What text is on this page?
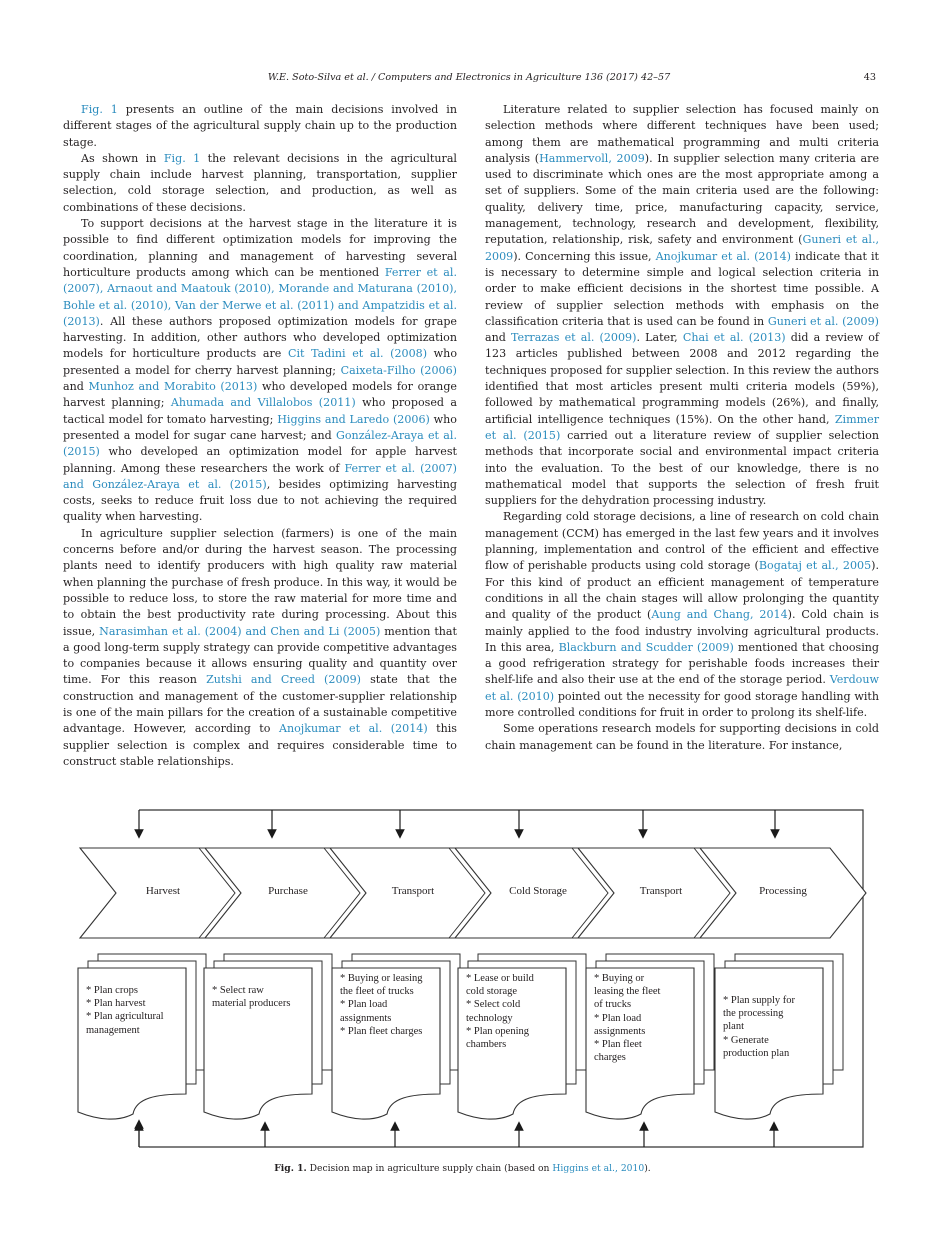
W.E. Soto-Silva et al. / Computers and Electronics in Agriculture 136 (2017) 42–57	43

Fig. 1 presents an outline of the main decisions involved in different stages of the agricultural supply chain up to the production stage.

As shown in Fig. 1 the relevant decisions in the agricultural supply chain include harvest planning, transportation, supplier selection, cold storage selection, and production, as well as combinations of these decisions.

To support decisions at the harvest stage in the literature it is possible to find different optimization models for improving the coordination, planning and management of harvesting several horticulture products among which can be mentioned Ferrer et al. (2007), Arnaout and Maatouk (2010), Morande and Maturana (2010), Bohle et al. (2010), Van der Merwe et al. (2011) and Ampatzidis et al. (2013). All these authors proposed optimization models for grape harvesting. In addition, other authors who developed optimization models for horticulture products are Cit Tadini et al. (2008) who presented a model for cherry harvest planning; Caixeta-Filho (2006) and Munhoz and Morabito (2013) who developed models for orange harvest planning; Ahumada and Villalobos (2011) who proposed a tactical model for tomato harvesting; Higgins and Laredo (2006) who presented a model for sugar cane harvest; and González-Araya et al. (2015) who developed an optimization model for apple harvest planning. Among these researchers the work of Ferrer et al. (2007) and González-Araya et al. (2015), besides optimizing harvesting costs, seeks to reduce fruit loss due to not achieving the required quality when harvesting.

In agriculture supplier selection (farmers) is one of the main concerns before and/or during the harvest season. The processing plants need to identify producers with high quality raw material when planning the purchase of fresh produce. In this way, it would be possible to reduce loss, to store the raw material for more time and to obtain the best productivity rate during processing. About this issue, Narasimhan et al. (2004) and Chen and Li (2005) mention that a good long-term supply strategy can provide competitive advantages to companies because it allows ensuring quality and quantity over time. For this reason Zutshi and Creed (2009) state that the construction and management of the customer-supplier relationship is one of the main pillars for the creation of a sustainable competitive advantage. However, according to Anojkumar et al. (2014) this supplier selection is complex and requires considerable time to construct stable relationships.

Literature related to supplier selection has focused mainly on selection methods where different techniques have been used; among them are mathematical programming and multi criteria analysis (Hammervoll, 2009). In supplier selection many criteria are used to discriminate which ones are the most appropriate among a set of suppliers. Some of the main criteria used are the following: quality, delivery time, price, manufacturing capacity, service, management, technology, research and development, flexibility, reputation, relationship, risk, safety and environment (Guneri et al., 2009). Concerning this issue, Anojkumar et al. (2014) indicate that it is necessary to determine simple and logical selection criteria in order to make efficient decisions in the shortest time possible. A review of supplier selection methods with emphasis on the classification criteria that is used can be found in Guneri et al. (2009) and Terrazas et al. (2009). Later, Chai et al. (2013) did a review of 123 articles published between 2008 and 2012 regarding the techniques proposed for supplier selection. In this review the authors identified that most articles present multi criteria models (59%), followed by mathematical programming models (26%), and finally, artificial intelligence techniques (15%). On the other hand, Zimmer et al. (2015) carried out a literature review of supplier selection methods that incorporate social and environmental impact criteria into the evaluation. To the best of our knowledge, there is no mathematical model that supports the selection of fresh fruit suppliers for the dehydration processing industry.

Regarding cold storage decisions, a line of research on cold chain management (CCM) has emerged in the last few years and it involves planning, implementation and control of the efficient and effective flow of perishable products using cold storage (Bogataj et al., 2005). For this kind of product an efficient management of temperature conditions in all the chain stages will allow prolonging the quantity and quality of the product (Aung and Chang, 2014). Cold chain is mainly applied to the food industry involving agricultural products. In this area, Blackburn and Scudder (2009) mentioned that choosing a good refrigeration strategy for perishable foods increases their shelf-life and also their use at the end of the storage period. Verdouw et al. (2010) pointed out the necessity for good storage handling with more controlled conditions for fruit in order to prolong its shelf-life.

Some operations research models for supporting decisions in cold chain management can be found in the literature. For instance,

Harvest
* Plan crops
* Plan harvest
* Plan agricultural
management
Purchase
* Select raw
material producers
Transport
* Buying or leasing
the fleet of trucks
* Plan load
assignments
* Plan fleet charges
Cold Storage
* Lease or build
cold storage
* Select cold
technology
* Plan opening
chambers
Transport
* Buying or
leasing the fleet
of trucks
* Plan load
assignments
* Plan fleet
charges
Processing
* Plan supply for
the processing
plant
* Generate
production plan
Fig. 1. Decision map in agriculture supply chain (based on Higgins et al., 2010).
